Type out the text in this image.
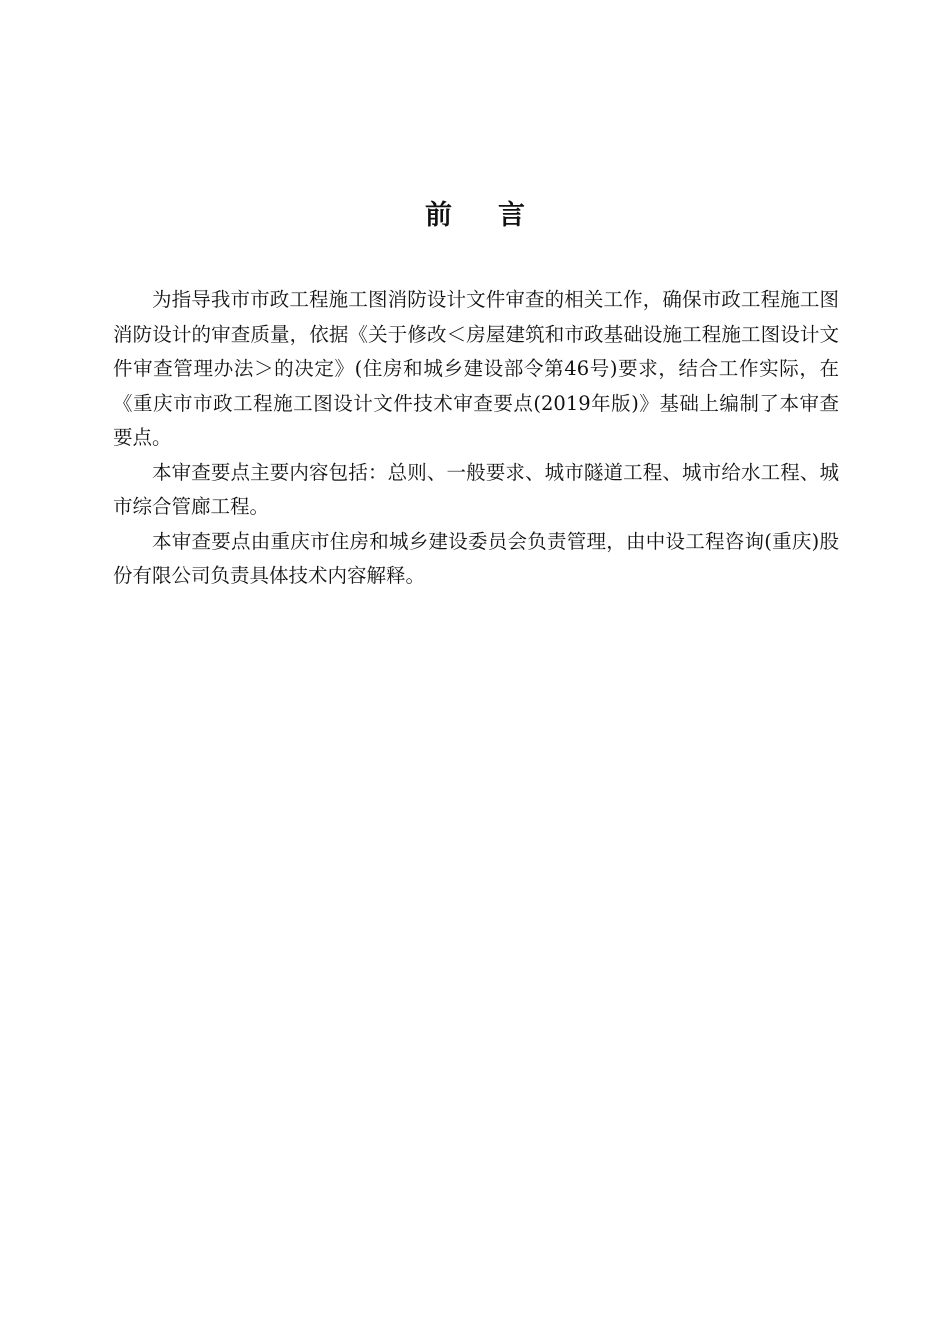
前 言

为指导我市市政工程施工图消防设计文件审查的相关工作，确保市政工程施工图消防设计的审查质量，依据《关于修改＜房屋建筑和市政基础设施工程施工图设计文件审查管理办法＞的决定》(住房和城乡建设部令第46号)要求，结合工作实际，在《重庆市市政工程施工图设计文件技术审查要点(2019年版)》基础上编制了本审查要点。

本审查要点主要内容包括：总则、一般要求、城市隧道工程、城市给水工程、城市综合管廊工程。

本审查要点由重庆市住房和城乡建设委员会负责管理，由中设工程咨询(重庆)股份有限公司负责具体技术内容解释。
